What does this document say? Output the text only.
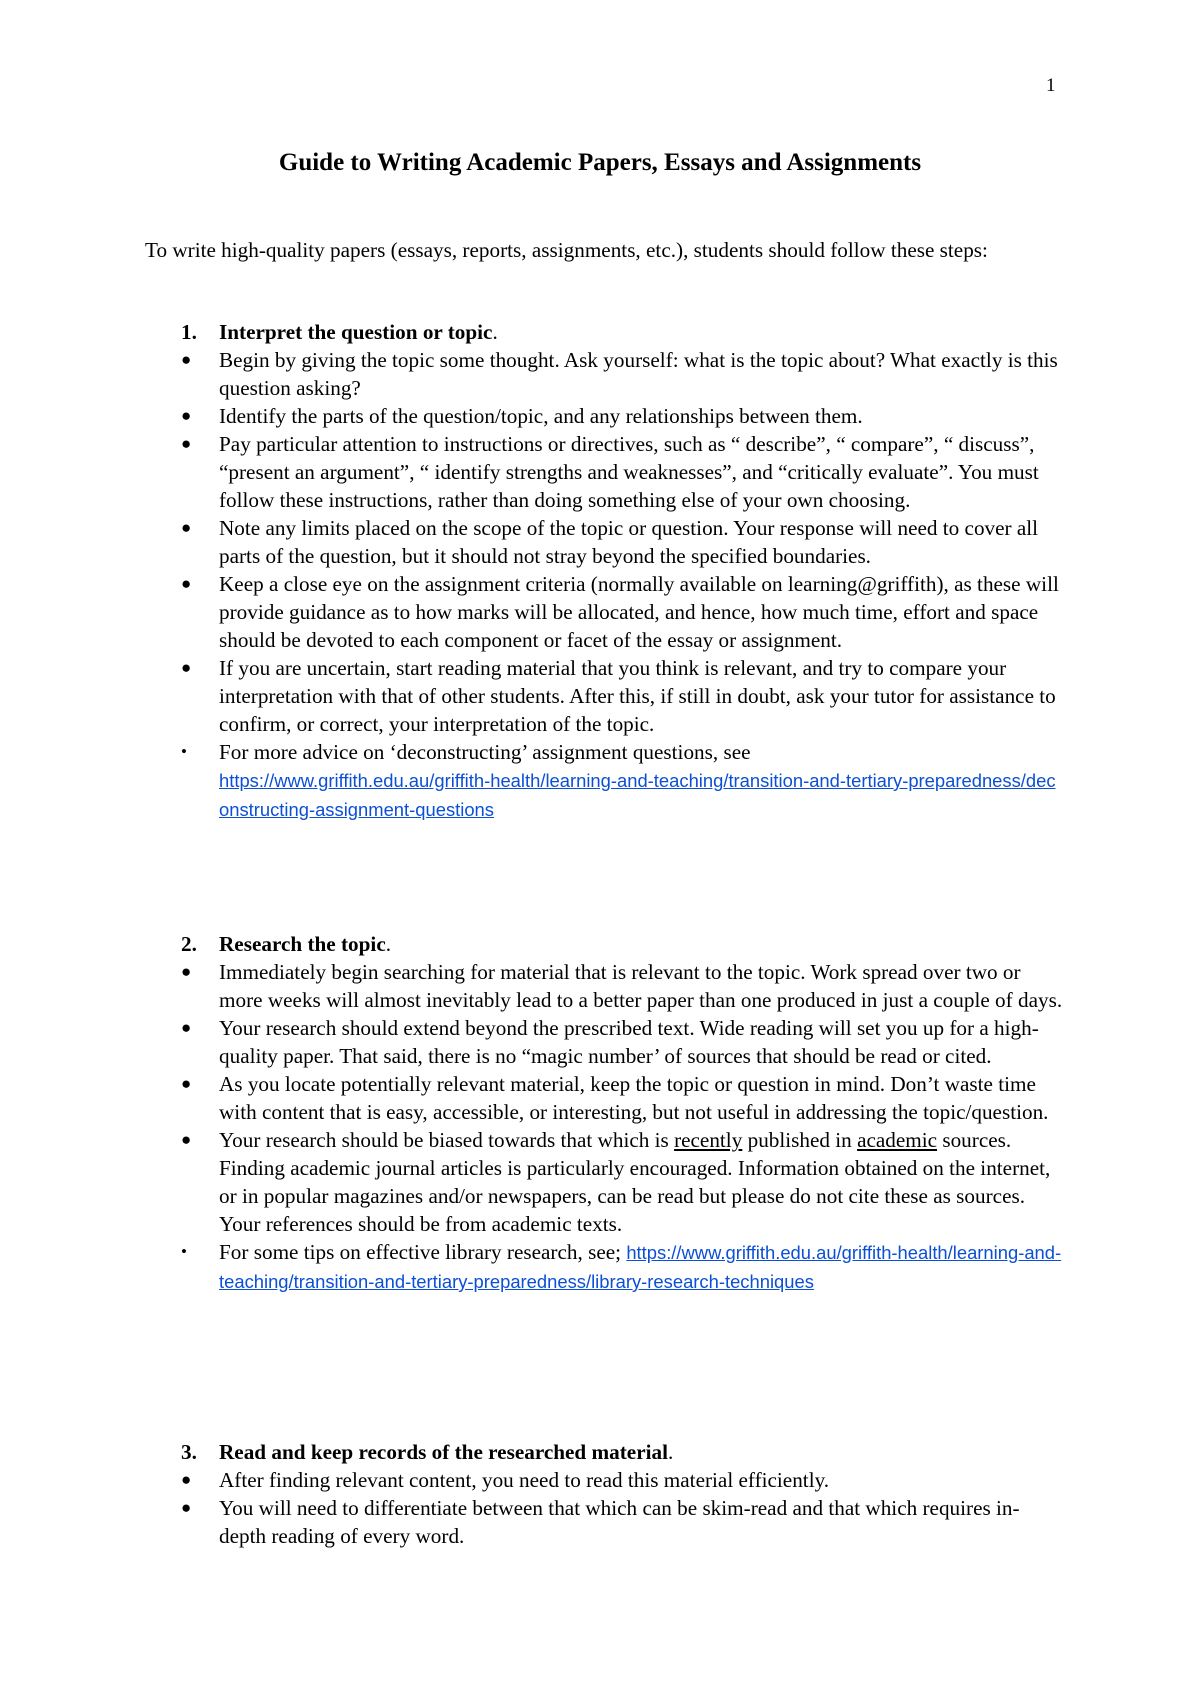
1
Guide to Writing Academic Papers, Essays and Assignments

To write high-quality papers (essays, reports, assignments, etc.), students should follow these steps:

1. Interpret the question or topic.
● Begin by giving the topic some thought. Ask yourself: what is the topic about? What exactly is this question asking?
● Identify the parts of the question/topic, and any relationships between them.
● Pay particular attention to instructions or directives, such as “ describe”, “ compare”, “ discuss”, “present an argument”, “ identify strengths and weaknesses”, and “critically evaluate”. You must follow these instructions, rather than doing something else of your own choosing.
● Note any limits placed on the scope of the topic or question. Your response will need to cover all parts of the question, but it should not stray beyond the specified boundaries.
● Keep a close eye on the assignment criteria (normally available on learning@griffith), as these will provide guidance as to how marks will be allocated, and hence, how much time, effort and space should be devoted to each component or facet of the essay or assignment.
● If you are uncertain, start reading material that you think is relevant, and try to compare your interpretation with that of other students. After this, if still in doubt, ask your tutor for assistance to confirm, or correct, your interpretation of the topic.
• For more advice on ‘deconstructing’ assignment questions, see
https://www.griffith.edu.au/griffith-health/learning-and-teaching/transition-and-tertiary-preparedness/deconstructing-assignment-questions
2. Research the topic.
● Immediately begin searching for material that is relevant to the topic. Work spread over two or more weeks will almost inevitably lead to a better paper than one produced in just a couple of days.
● Your research should extend beyond the prescribed text. Wide reading will set you up for a high-quality paper. That said, there is no “magic number’ of sources that should be read or cited.
● As you locate potentially relevant material, keep the topic or question in mind. Don’t waste time with content that is easy, accessible, or interesting, but not useful in addressing the topic/question.
● Your research should be biased towards that which is recently published in academic sources. Finding academic journal articles is particularly encouraged. Information obtained on the internet, or in popular magazines and/or newspapers, can be read but please do not cite these as sources. Your references should be from academic texts.
• For some tips on effective library research, see; https://www.griffith.edu.au/griffith-health/learning-and-teaching/transition-and-tertiary-preparedness/library-research-techniques
3. Read and keep records of the researched material.
● After finding relevant content, you need to read this material efficiently.
● You will need to differentiate between that which can be skim-read and that which requires in-depth reading of every word.
